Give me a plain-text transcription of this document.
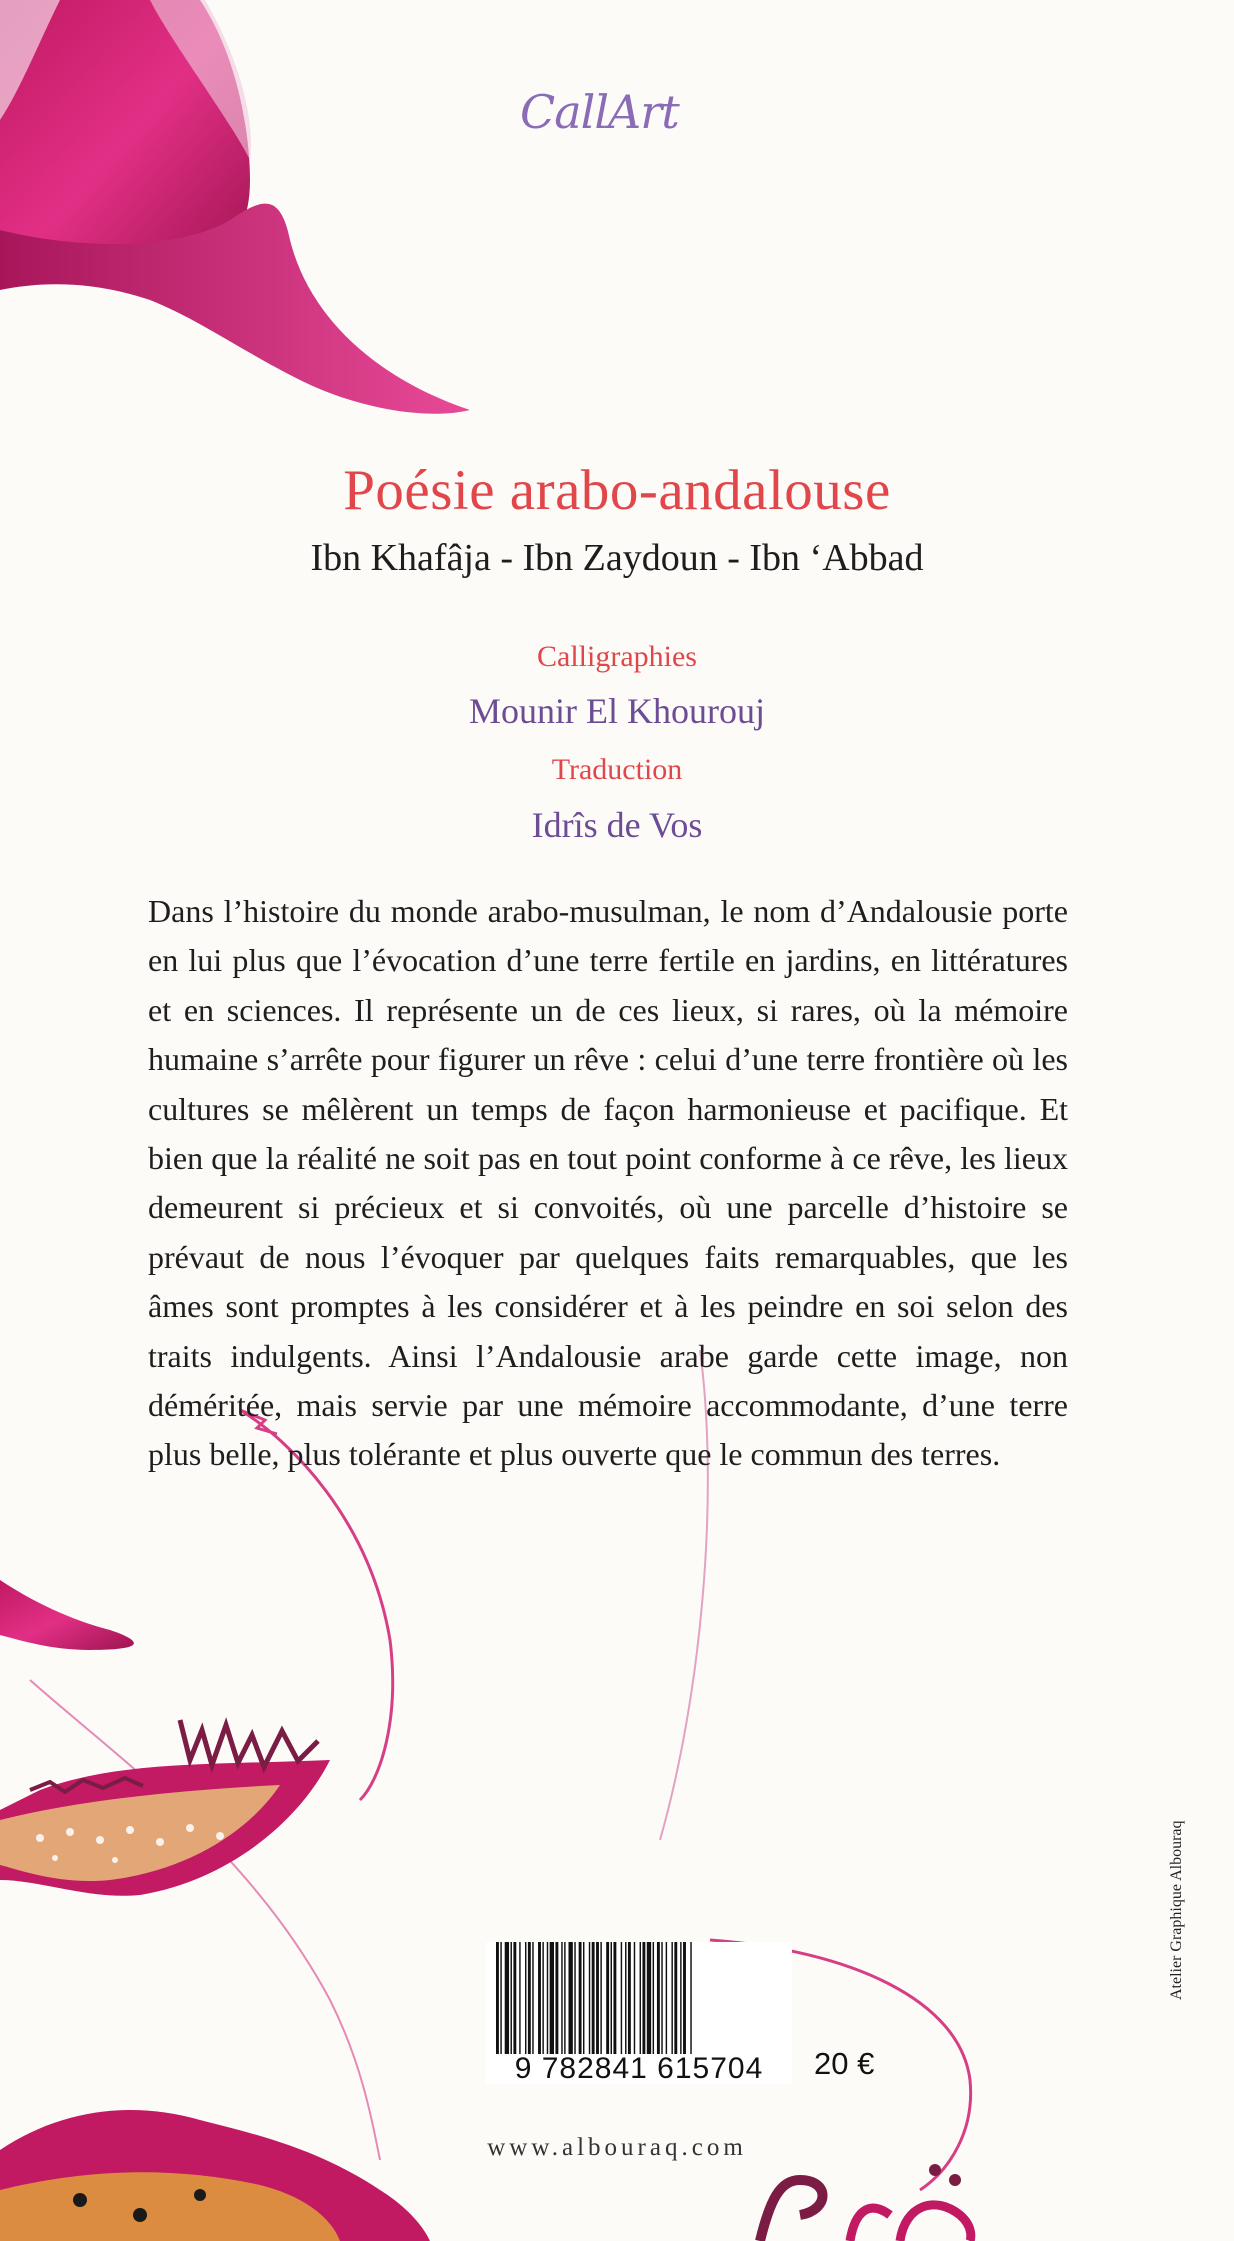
CallArt
Poésie arabo-andalouse
Ibn Khafâja - Ibn Zaydoun - Ibn ‘Abbad
Calligraphies
Mounir El Khourouj
Traduction
Idrîs de Vos
Dans l’histoire du monde arabo-musulman, le nom d’Andalousie porte en lui plus que l’évocation d’une terre fertile en jardins, en littératures et en sciences. Il représente un de ces lieux, si rares, où la mémoire humaine s’arrête pour figurer un rêve : celui d’une terre frontière où les cultures se mêlèrent un temps de façon harmonieuse et pacifique. Et bien que la réalité ne soit pas en tout point conforme à ce rêve, les lieux demeurent si précieux et si convoités, où une parcelle d’histoire se prévaut de nous l’évoquer par quelques faits remarquables, que les âmes sont promptes à les considérer et à les peindre en soi selon des traits indulgents. Ainsi l’Andalousie arabe garde cette image, non déméritée, mais servie par une mémoire accommodante, d’une terre plus belle, plus tolérante et plus ouverte que le commun des terres.
9 782841 615704	20 €
www.albouraq.com
Atelier Graphique Albouraq
